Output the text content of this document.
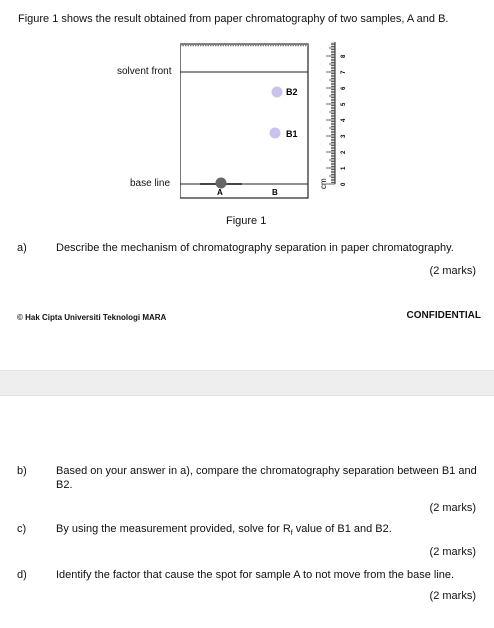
Figure 1 shows the result obtained from paper chromatography of two samples, A and B.
B2
B1
A	B
0
1
2
3
4
5
6
7
8
cm
solvent front
base line
Figure 1
a)	Describe the mechanism of chromatography separation in paper chromatography.
(2 marks)
© Hak Cipta Universiti Teknologi MARA	CONFIDENTIAL
b)	Based on your answer in a), compare the chromatography separation between B1 and B2.
(2 marks)
c)	By using the measurement provided, solve for $R_f$ value of B1 and B2.
(2 marks)
d)	Identify the factor that cause the spot for sample A to not move from the base line.
(2 marks)
